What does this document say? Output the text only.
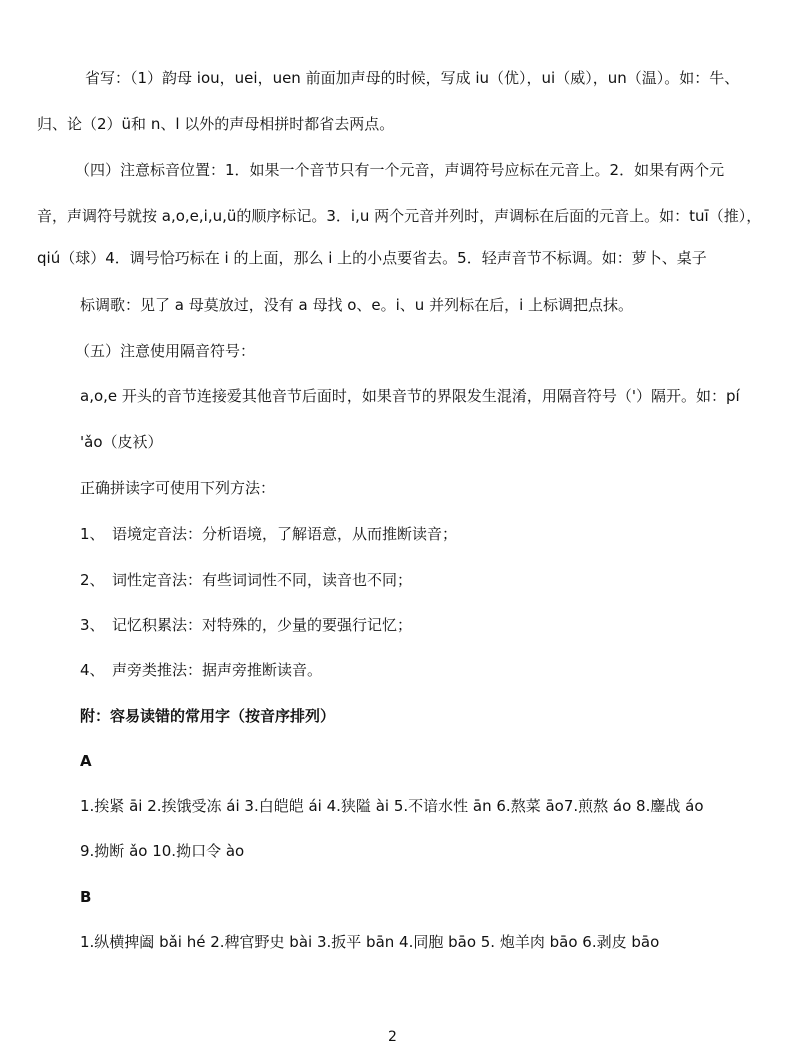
省写：（1）韵母 iou，uei，uen 前面加声母的时候，写成 iu（优），ui（威），un（温）。如：牛、
归、论（2）ü和 n、l 以外的声母相拼时都省去两点。
（四）注意标音位置：1．如果一个音节只有一个元音，声调符号应标在元音上。2．如果有两个元
音，声调符号就按 a,o,e,i,u,ü的顺序标记。3．i,u 两个元音并列时，声调标在后面的元音上。如：tuī（推），
qiú（球）4．调号恰巧标在 i 的上面，那么 i 上的小点要省去。5．轻声音节不标调。如：萝卜、桌子
标调歌：见了 a 母莫放过，没有 a 母找 o、e。i、u 并列标在后，i 上标调把点抹。
（五）注意使用隔音符号：
a,o,e 开头的音节连接爱其他音节后面时，如果音节的界限发生混淆，用隔音符号（'）隔开。如：pí
'ǎo（皮袄）
正确拼读字可使用下列方法：
1、　语境定音法：分析语境，了解语意，从而推断读音；
2、　词性定音法：有些词词性不同，读音也不同；
3、　记忆积累法：对特殊的，少量的要强行记忆；
4、　声旁类推法：据声旁推断读音。
附：容易读错的常用字（按音序排列）
A
1.挨紧 āi 2.挨饿受冻 ái 3.白皑皑 ái 4.狭隘 ài 5.不谙水性 ān 6.熬菜 āo7.煎熬 áo 8.鏖战 áo
9.拗断 ǎo 10.拗口令 ào
B
1.纵横捭阖 bǎi hé 2.稗官野史 bài 3.扳平 bān 4.同胞 bāo 5. 炮羊肉 bāo 6.剥皮 bāo
2
